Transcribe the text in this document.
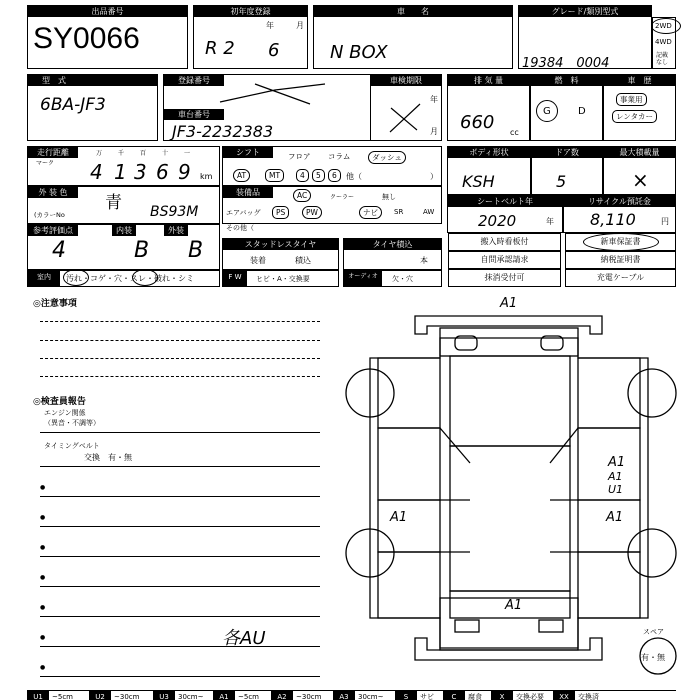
出品番号
SY0066
初年度登録
年	月
R 2 6
車　　名
N BOX
グレード/類別型式
19384　0004
2WD
4WD
記載
なし
型　式
6BA-JF3
登録番号
車台番号
JF3-2232383
車検期限
年
月
排 気 量
660 cc
燃　料
G	D
車　歴
事業用
レンタカー
走行距離
マーク
万	千	百	十	一
4 1 3 6 9 km
シフト	フロア	コラム	ダッシュ
AT	MT	4	5	6	他（	）
ボディ形状
KSH
ドア数
5
最大積載量
×
外 装 色
青
(カラーNo	BS93M
装備品	AC	クーラー	無し
エアバッグ	PS	PW	ナビ	SR	AW
その他（
シートベルト年
2020	年
リサイクル預託金
8,110	円
参考評価点
4
内装
B
外装
B	スタッドレスタイヤ
装着	積込
タイヤ積込
本
搬入時看板付	新車保証書
自問承認請求	納税証明書
抹消受付可	充電ケーブル
室内	汚れ・コゲ・穴・スレ・破れ・シミ	F W	ヒビ・A・交換要	オーディオ	欠・穴
◎注意事項
◎検査員報告
エンジン関係
（異音・不調等）
タイミングベルト
交換　有・無
●
●
●
●
●
●	各AU
●
A1
A1
A1
U1
A1	A1
A1
スペア
有・無
U1	~5cm	U2	~30cm	U3	30cm~	A1	~5cm	A2	~30cm	A3	30cm~	S	サビ	C	腐食	X	交換必要	XX	交換済
